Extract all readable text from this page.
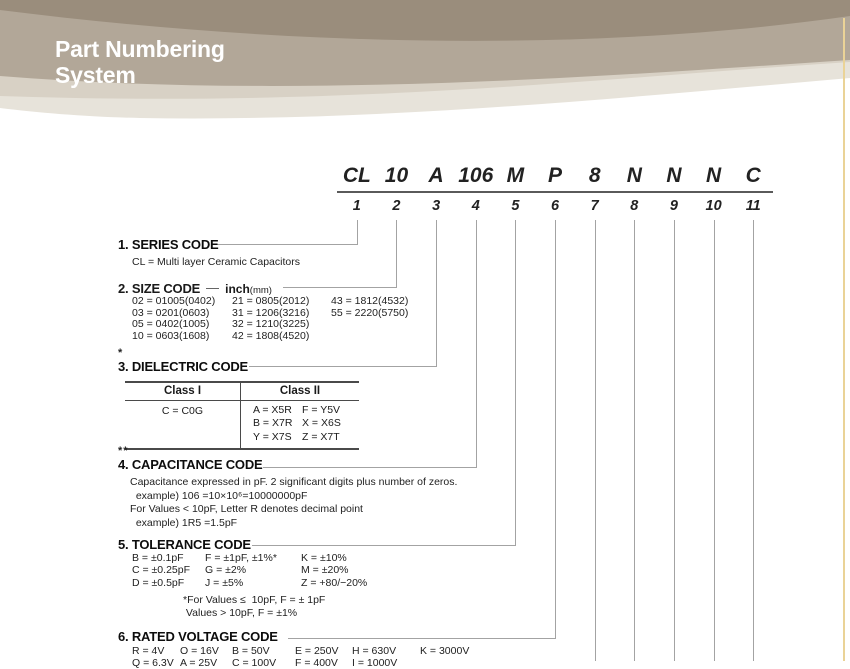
Part Numbering
System
CL 10 A 106 M	P	8	N	N	N	C
1	2	3	4	5	6	7	8	9	10	11
1. SERIES CODE
CL = Multi layer Ceramic Capacitors
2. SIZE CODE inch(mm)
02 = 01005(0402)	21 = 0805(2012)	43 = 1812(4532)
03 = 0201(0603)	31 = 1206(3216)	55 = 2220(5750)
05 = 0402(1005)	32 = 1210(3225)
10 = 0603(1608)	42 = 1808(4520)
*
3. DIELECTRIC CODE
Class I	Class II
C = C0G	A = X5R F = Y5V
B = X7R X = X6S
Y = X7S Z = X7T
**
4. CAPACITANCE CODE
Capacitance expressed in pF. 2 significant digits plus number of zeros.
example) 106 =10×10⁶=10000000pF
For Values < 10pF, Letter R denotes decimal point
example) 1R5 =1.5pF
5. TOLERANCE CODE
B = ±0.1pF	F = ±1pF, ±1%*	K = ±10%
C = ±0.25pF	G = ±2%	M = ±20%
D = ±0.5pF	J = ±5%	Z = +80/−20%
*For Values ≤  10pF, F = ± 1pF
Values > 10pF, F = ±1%
6. RATED VOLTAGE CODE
R = 4V	O = 16V	B = 50V	E = 250V	H = 630V	K = 3000V
Q = 6.3V A = 25V	C = 100V	F = 400V	I = 1000V
